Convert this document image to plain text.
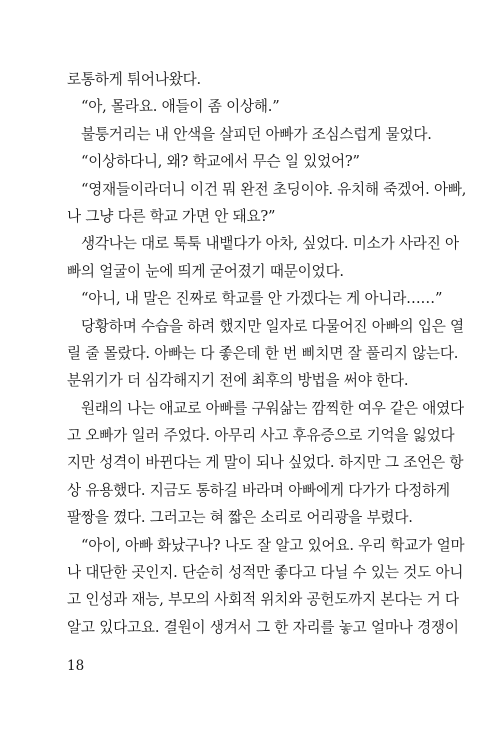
로통하게 튀어나왔다.
“아, 몰라요. 애들이 좀 이상해.”
불퉁거리는 내 안색을 살피던 아빠가 조심스럽게 물었다.
“이상하다니, 왜? 학교에서 무슨 일 있었어?”
“영재들이라더니 이건 뭐 완전 초딩이야. 유치해 죽겠어. 아빠,
나 그냥 다른 학교 가면 안 돼요?”
생각나는 대로 툭툭 내뱉다가 아차, 싶었다. 미소가 사라진 아
빠의 얼굴이 눈에 띄게 굳어졌기 때문이었다.
“아니, 내 말은 진짜로 학교를 안 가겠다는 게 아니라……”
당황하며 수습을 하려 했지만 일자로 다물어진 아빠의 입은 열
릴 줄 몰랐다. 아빠는 다 좋은데 한 번 삐치면 잘 풀리지 않는다.
분위기가 더 심각해지기 전에 최후의 방법을 써야 한다.
원래의 나는 애교로 아빠를 구워삶는 깜찍한 여우 같은 애였다
고 오빠가 일러 주었다. 아무리 사고 후유증으로 기억을 잃었다
지만 성격이 바뀐다는 게 말이 되나 싶었다. 하지만 그 조언은 항
상 유용했다. 지금도 통하길 바라며 아빠에게 다가가 다정하게
팔짱을 꼈다. 그러고는 혀 짧은 소리로 어리광을 부렸다.
“아이, 아빠 화났구나? 나도 잘 알고 있어요. 우리 학교가 얼마
나 대단한 곳인지. 단순히 성적만 좋다고 다닐 수 있는 것도 아니
고 인성과 재능, 부모의 사회적 위치와 공헌도까지 본다는 거 다
알고 있다고요. 결원이 생겨서 그 한 자리를 놓고 얼마나 경쟁이
18
